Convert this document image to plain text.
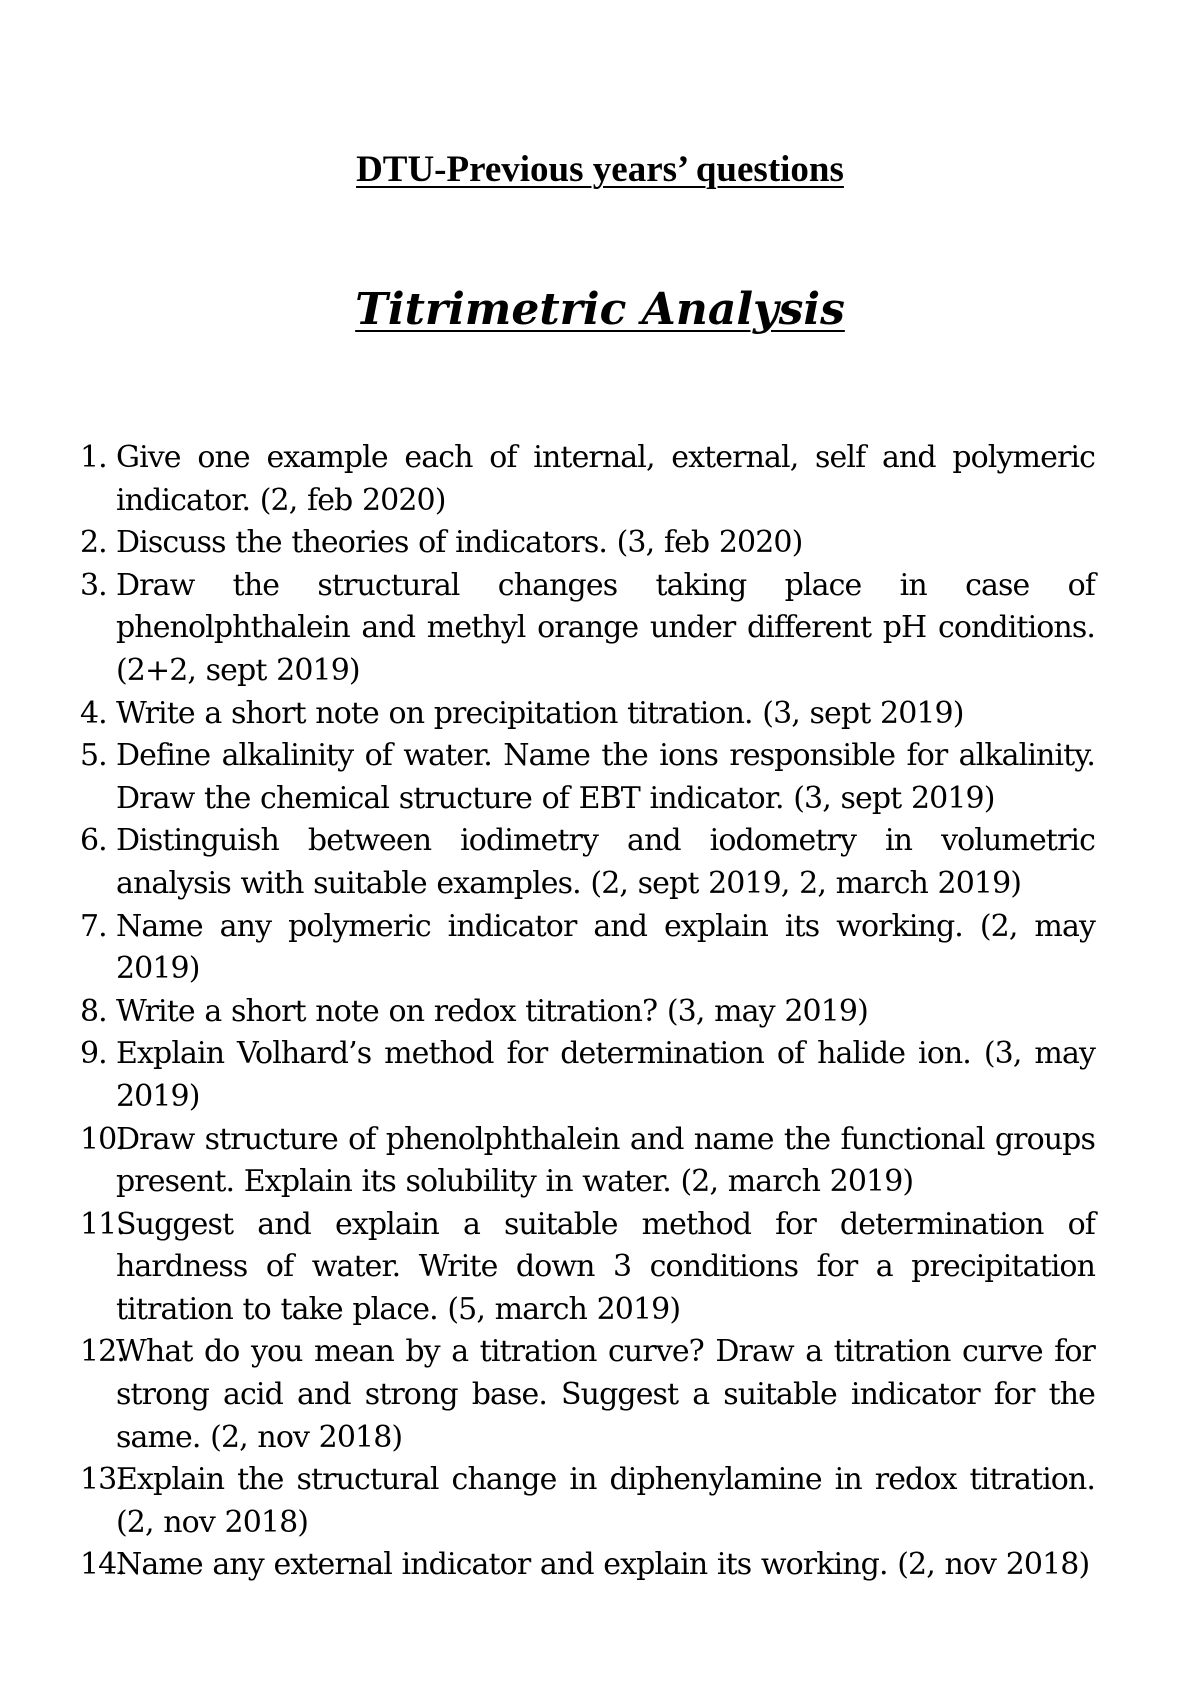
DTU-Previous years’ questions
Titrimetric Analysis
1. Give one example each of internal, external, self and polymeric indicator. (2, feb 2020)
2. Discuss the theories of indicators. (3, feb 2020)
3. Draw the structural changes taking place in case of phenolphthalein and methyl orange under different pH conditions. (2+2, sept 2019)
4. Write a short note on precipitation titration. (3, sept 2019)
5. Define alkalinity of water. Name the ions responsible for alkalinity. Draw the chemical structure of EBT indicator. (3, sept 2019)
6. Distinguish between iodimetry and iodometry in volumetric analysis with suitable examples. (2, sept 2019, 2, march 2019)
7. Name any polymeric indicator and explain its working. (2, may 2019)
8. Write a short note on redox titration? (3, may 2019)
9. Explain Volhard’s method for determination of halide ion. (3, may 2019)
10.
Draw structure of phenolphthalein and name the functional groups present. Explain its solubility in water. (2, march 2019)
11.
Suggest and explain a suitable method for determination of hardness of water. Write down 3 conditions for a precipitation titration to take place. (5, march 2019)
12.
What do you mean by a titration curve? Draw a titration curve for strong acid and strong base. Suggest a suitable indicator for the same. (2, nov 2018)
13.
Explain the structural change in diphenylamine in redox titration. (2, nov 2018)
14.
Name any external indicator and explain its working. (2, nov 2018)
